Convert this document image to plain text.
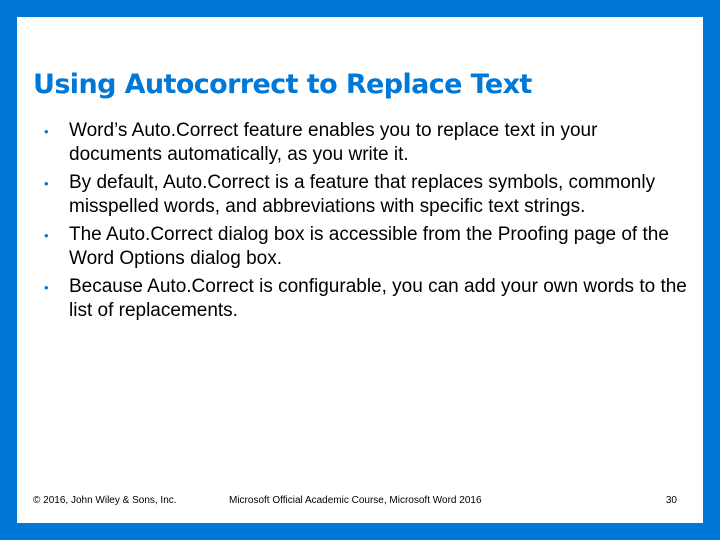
Using Autocorrect to Replace Text
• Word’s Auto.Correct feature enables you to replace text in your documents automatically, as you write it.
• By default, Auto.Correct is a feature that replaces symbols, commonly misspelled words, and abbreviations with specific text strings.
• The Auto.Correct dialog box is accessible from the Proofing page of the Word Options dialog box.
• Because Auto.Correct is configurable, you can add your own words to the list of replacements.
© 2016, John Wiley & Sons, Inc.	Microsoft Official Academic Course, Microsoft Word 2016	30
